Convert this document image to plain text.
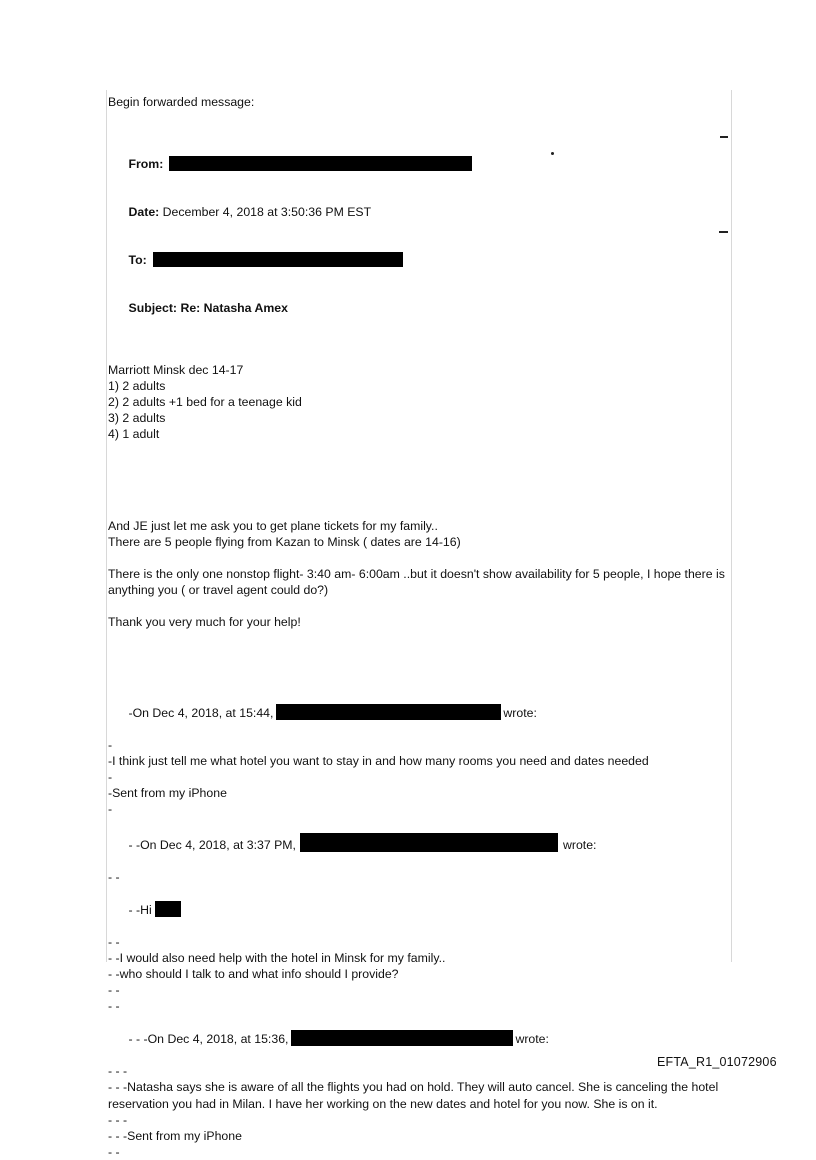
Begin forwarded message:

From:

Date: December 4, 2018 at 3:50:36 PM EST

To:

Subject: Re: Natasha Amex

Marriott Minsk dec 14-17
1) 2 adults
2) 2 adults +1 bed for a teenage kid
3) 2 adults
4) 1 adult
And JE just let me ask you to get plane tickets for my family..
There are 5 people flying from Kazan to Minsk ( dates are 14-16)
There is the only one nonstop flight- 3:40 am- 6:00am ..but it doesn't show availability for 5 people, I hope there is anything you ( or travel agent could do?)
Thank you very much for your help!

-On Dec 4, 2018, at 15:44,	wrote:

-
-I think just tell me what hotel you want to stay in and how many rooms you need and dates needed
-
-Sent from my iPhone
-

- -On Dec 4, 2018, at 3:37 PM,	wrote:

- -

- -Hi

- -
- -I would also need help with the hotel in Minsk for my family..
- -who should I talk to and what info should I provide?
- -
- -

- - -On Dec 4, 2018, at 15:36,	wrote:

- - -
- - -Natasha says she is aware of all the flights you had on hold. They will auto cancel. She is canceling the hotel reservation you had in Milan. I have her working on the new dates and hotel for you now. She is on it.
- - -
- - -Sent from my iPhone
- -
EFTA_R1_01072906
